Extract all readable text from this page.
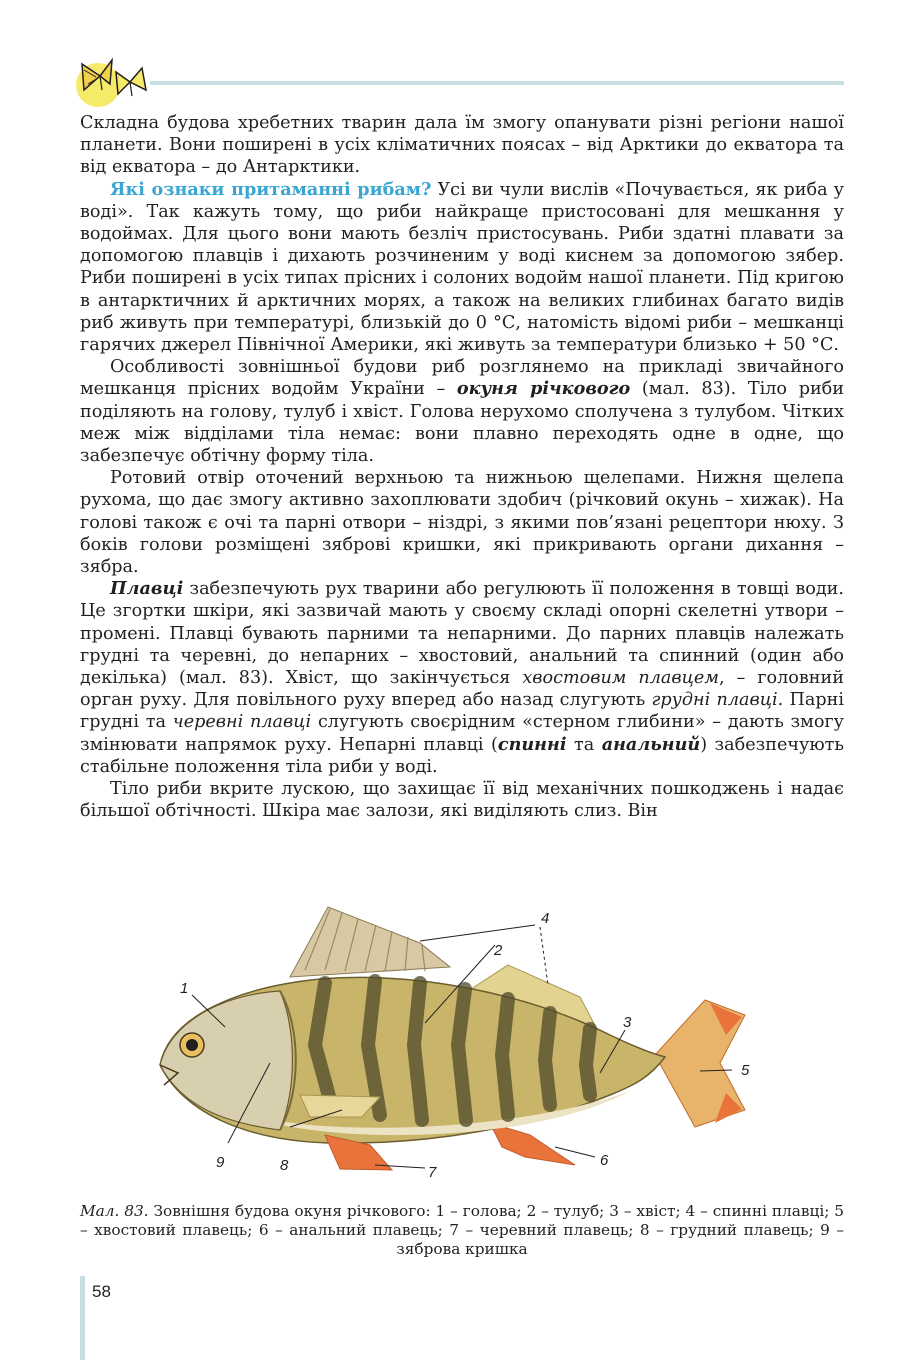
Складна будова хребетних тварин дала їм змогу опанувати різні регіони нашої планети. Вони поширені в усіх кліматичних поясах – від Арктики до екватора та від екватора – до Антарктики.

Які ознаки притаманні рибам? Усі ви чули вислів «Почувається, як риба у воді». Так кажуть тому, що риби найкраще пристосовані для мешкання у водоймах. Для цього вони мають безліч пристосувань. Риби здатні плавати за допомогою плавців і дихають розчиненим у воді киснем за допомогою зябер. Риби поширені в усіх типах прісних і солоних водойм нашої планети. Під кригою в антарктичних й арктичних морях, а також на великих глибинах багато видів риб живуть при температурі, близькій до 0 °С, натомість відомі риби – мешканці гарячих джерел Північної Америки, які живуть за температури близько + 50 °С.

Особливості зовнішньої будови риб розглянемо на прикладі звичайного мешканця прісних водойм України – окуня річкового (мал. 83). Тіло риби поділяють на голову, тулуб і хвіст. Голова нерухомо сполучена з тулубом. Чітких меж між відділами тіла немає: вони плавно переходять одне в одне, що забезпечує обтічну форму тіла.

Ротовий отвір оточений верхньою та нижньою щелепами. Нижня щелепа рухома, що дає змогу активно захоплювати здобич (річковий окунь – хижак). На голові також є очі та парні отвори – ніздрі, з якими пов’язані рецептори нюху. З боків голови розміщені зяброві кришки, які прикривають органи дихання – зябра.

Плавці забезпечують рух тварини або регулюють її положення в товщі води. Це згортки шкіри, які зазвичай мають у своєму складі опорні скелетні утвори – промені. Плавці бувають парними та непарними. До парних плавців належать грудні та черевні, до непарних – хвостовий, анальний та спинний (один або декілька) (мал. 83). Хвіст, що закінчується хвостовим плавцем, – головний орган руху. Для повільного руху вперед або назад слугують грудні плавці. Парні грудні та черевні плавці слугують своєрідним «стерном глибини» – дають змогу змінювати напрямок руху. Непарні плавці (спинні та анальний) забезпечують стабільне положення тіла риби у воді.

Тіло риби вкрите лускою, що захищає її від механічних пошкоджень і надає більшої обтічності. Шкіра має залози, які виділяють слиз. Він

1
2
3
4
5
6
7
8
9
Мал. 83. Зовнішня будова окуня річкового: 1 – голова; 2 – тулуб; 3 – хвіст; 4 – спинні плавці; 5 – хвостовий плавець; 6 – анальний плавець; 7 – черевний плавець; 8 – грудний плавець; 9 – зяброва кришка
58
